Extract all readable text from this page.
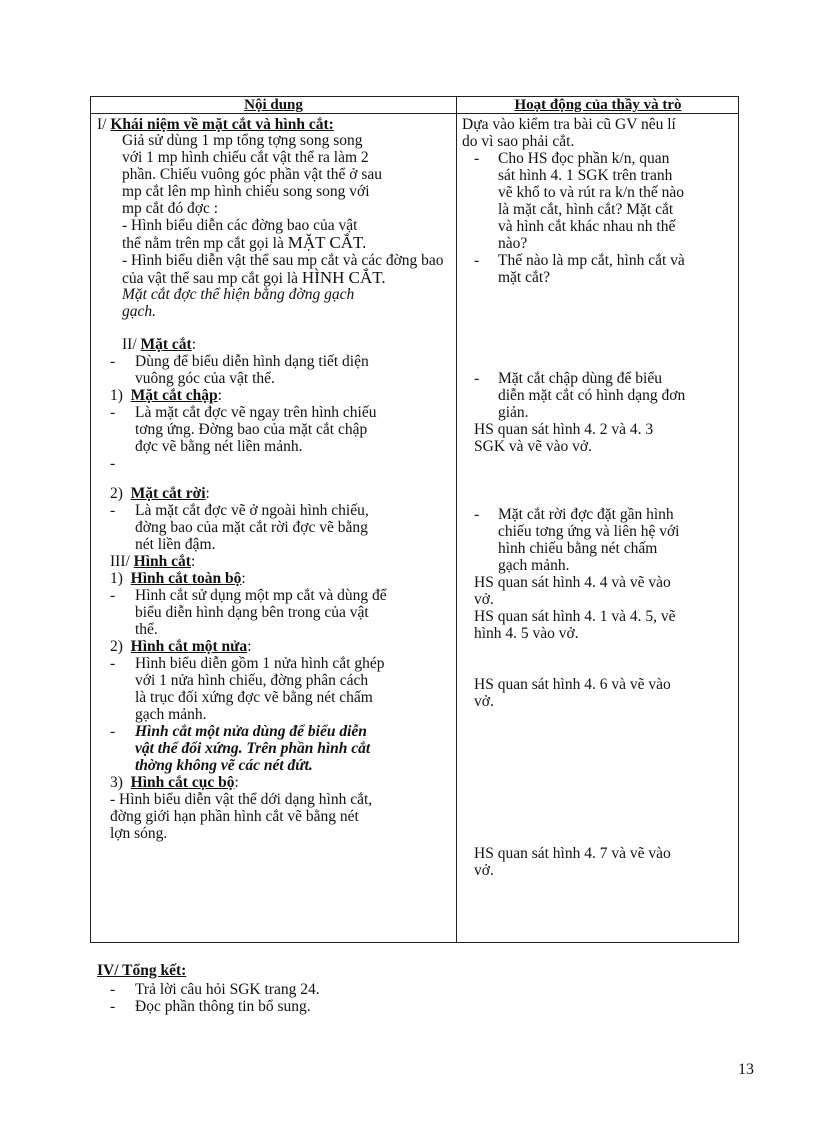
Nội dung	Hoạt động của thầy và trò
I/ Khái niệm về mặt cắt và hình cắt:
Giả sử dùng 1 mp tổng tợng song song
với 1 mp hình chiếu cắt vật thể ra làm 2
phần. Chiếu vuông góc phần vật thể ở sau
mp cắt lên mp hình chiếu song song với
mp cắt đó đợc :
- Hình biểu diễn các đờng bao của vật
thể nằm trên mp cắt gọi là MẶT CẮT.
- Hình biểu diễn vật thể sau mp cắt và các đờng bao
của vật thể sau mp cắt gọi là HÌNH CẮT.
Mặt cắt đợc thể hiện bằng đờng gạch
gạch.
II/ Mặt cắt:
- Dùng để biểu diễn hình dạng tiết diện
vuông góc của vật thể.
1) Mặt cắt chập:
- Là mặt cắt đợc vẽ ngay trên hình chiếu
tơng ứng. Đờng bao của mặt cắt chập
đợc vẽ bằng nét liền mảnh.
-
2) Mặt cắt rời:
- Là mặt cắt đợc vẽ ở ngoài hình chiếu,
đờng bao của mặt cắt rời đợc vẽ bằng
nét liền đậm.
III/ Hình cắt:
1) Hình cắt toàn bộ:
- Hình cắt sử dụng một mp cắt và dùng để
biểu diễn hình dạng bên trong của vật
thể.
2) Hình cắt một nửa:
- Hình biểu diễn gồm 1 nửa hình cắt ghép
với 1 nửa hình chiếu, đờng phân cách
là trục đối xứng đợc vẽ bằng nét chấm
gạch mảnh.
- Hình cắt một nửa dùng để biểu diễn
vật thể đối xứng. Trên phần hình cắt
thờng không vẽ các nét đứt.
3) Hình cắt cục bộ:
- Hình biểu diễn vật thể dới dạng hình cắt,
đờng giới hạn phần hình cắt vẽ bằng nét
lợn sóng.
Dựa vào kiểm tra bài cũ GV nêu lí
do vì sao phải cắt.
- Cho HS đọc phần k/n, quan
sát hình 4. 1 SGK trên tranh
vẽ khổ to và rút ra k/n thế nào
là mặt cắt, hình cắt? Mặt cắt
và hình cắt khác nhau nh thế
nào?
- Thế nào là mp cắt, hình cắt và
mặt cắt?
- Mặt cắt chập dùng để biểu
diễn mặt cắt có hình dạng đơn
giản.
HS quan sát hình 4. 2 và 4. 3
SGK và vẽ vào vở.
- Mặt cắt rời đợc đặt gần hình
chiếu tơng ứng và liên hệ với
hình chiếu bằng nét chấm
gạch mảnh.
HS quan sát hình 4. 4 và vẽ vào
vở.
HS quan sát hình 4. 1 và 4. 5, vẽ
hình 4. 5 vào vở.
HS quan sát hình 4. 6 và vẽ vào
vở.
HS quan sát hình 4. 7 và vẽ vào
vở.
IV/ Tổng kết:
- Trả lời câu hỏi SGK trang 24.
- Đọc phần thông tin bổ sung.
13
